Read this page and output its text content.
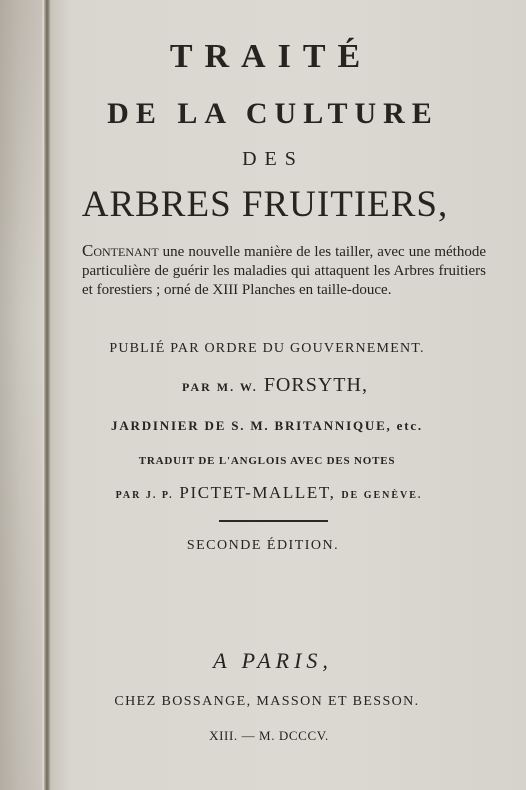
TRAITÉ
DE LA CULTURE
DES
ARBRES FRUITIERS,
Contenant une nouvelle manière de les tailler, avec une méthode particulière de guérir les maladies qui attaquent les Arbres fruitiers et forestiers ; orné de XIII Planches en taille-douce.
PUBLIÉ PAR ORDRE DU GOUVERNEMENT.
PAR M. W. FORSYTH,
JARDINIER DE S. M. BRITANNIQUE, etc.
TRADUIT DE L'ANGLOIS AVEC DES NOTES
PAR J. P. PICTET-MALLET, DE GENÈVE.
SECONDE ÉDITION.
A PARIS,
CHEZ BOSSANGE, MASSON ET BESSON.
XIII. — M. DCCCV.
